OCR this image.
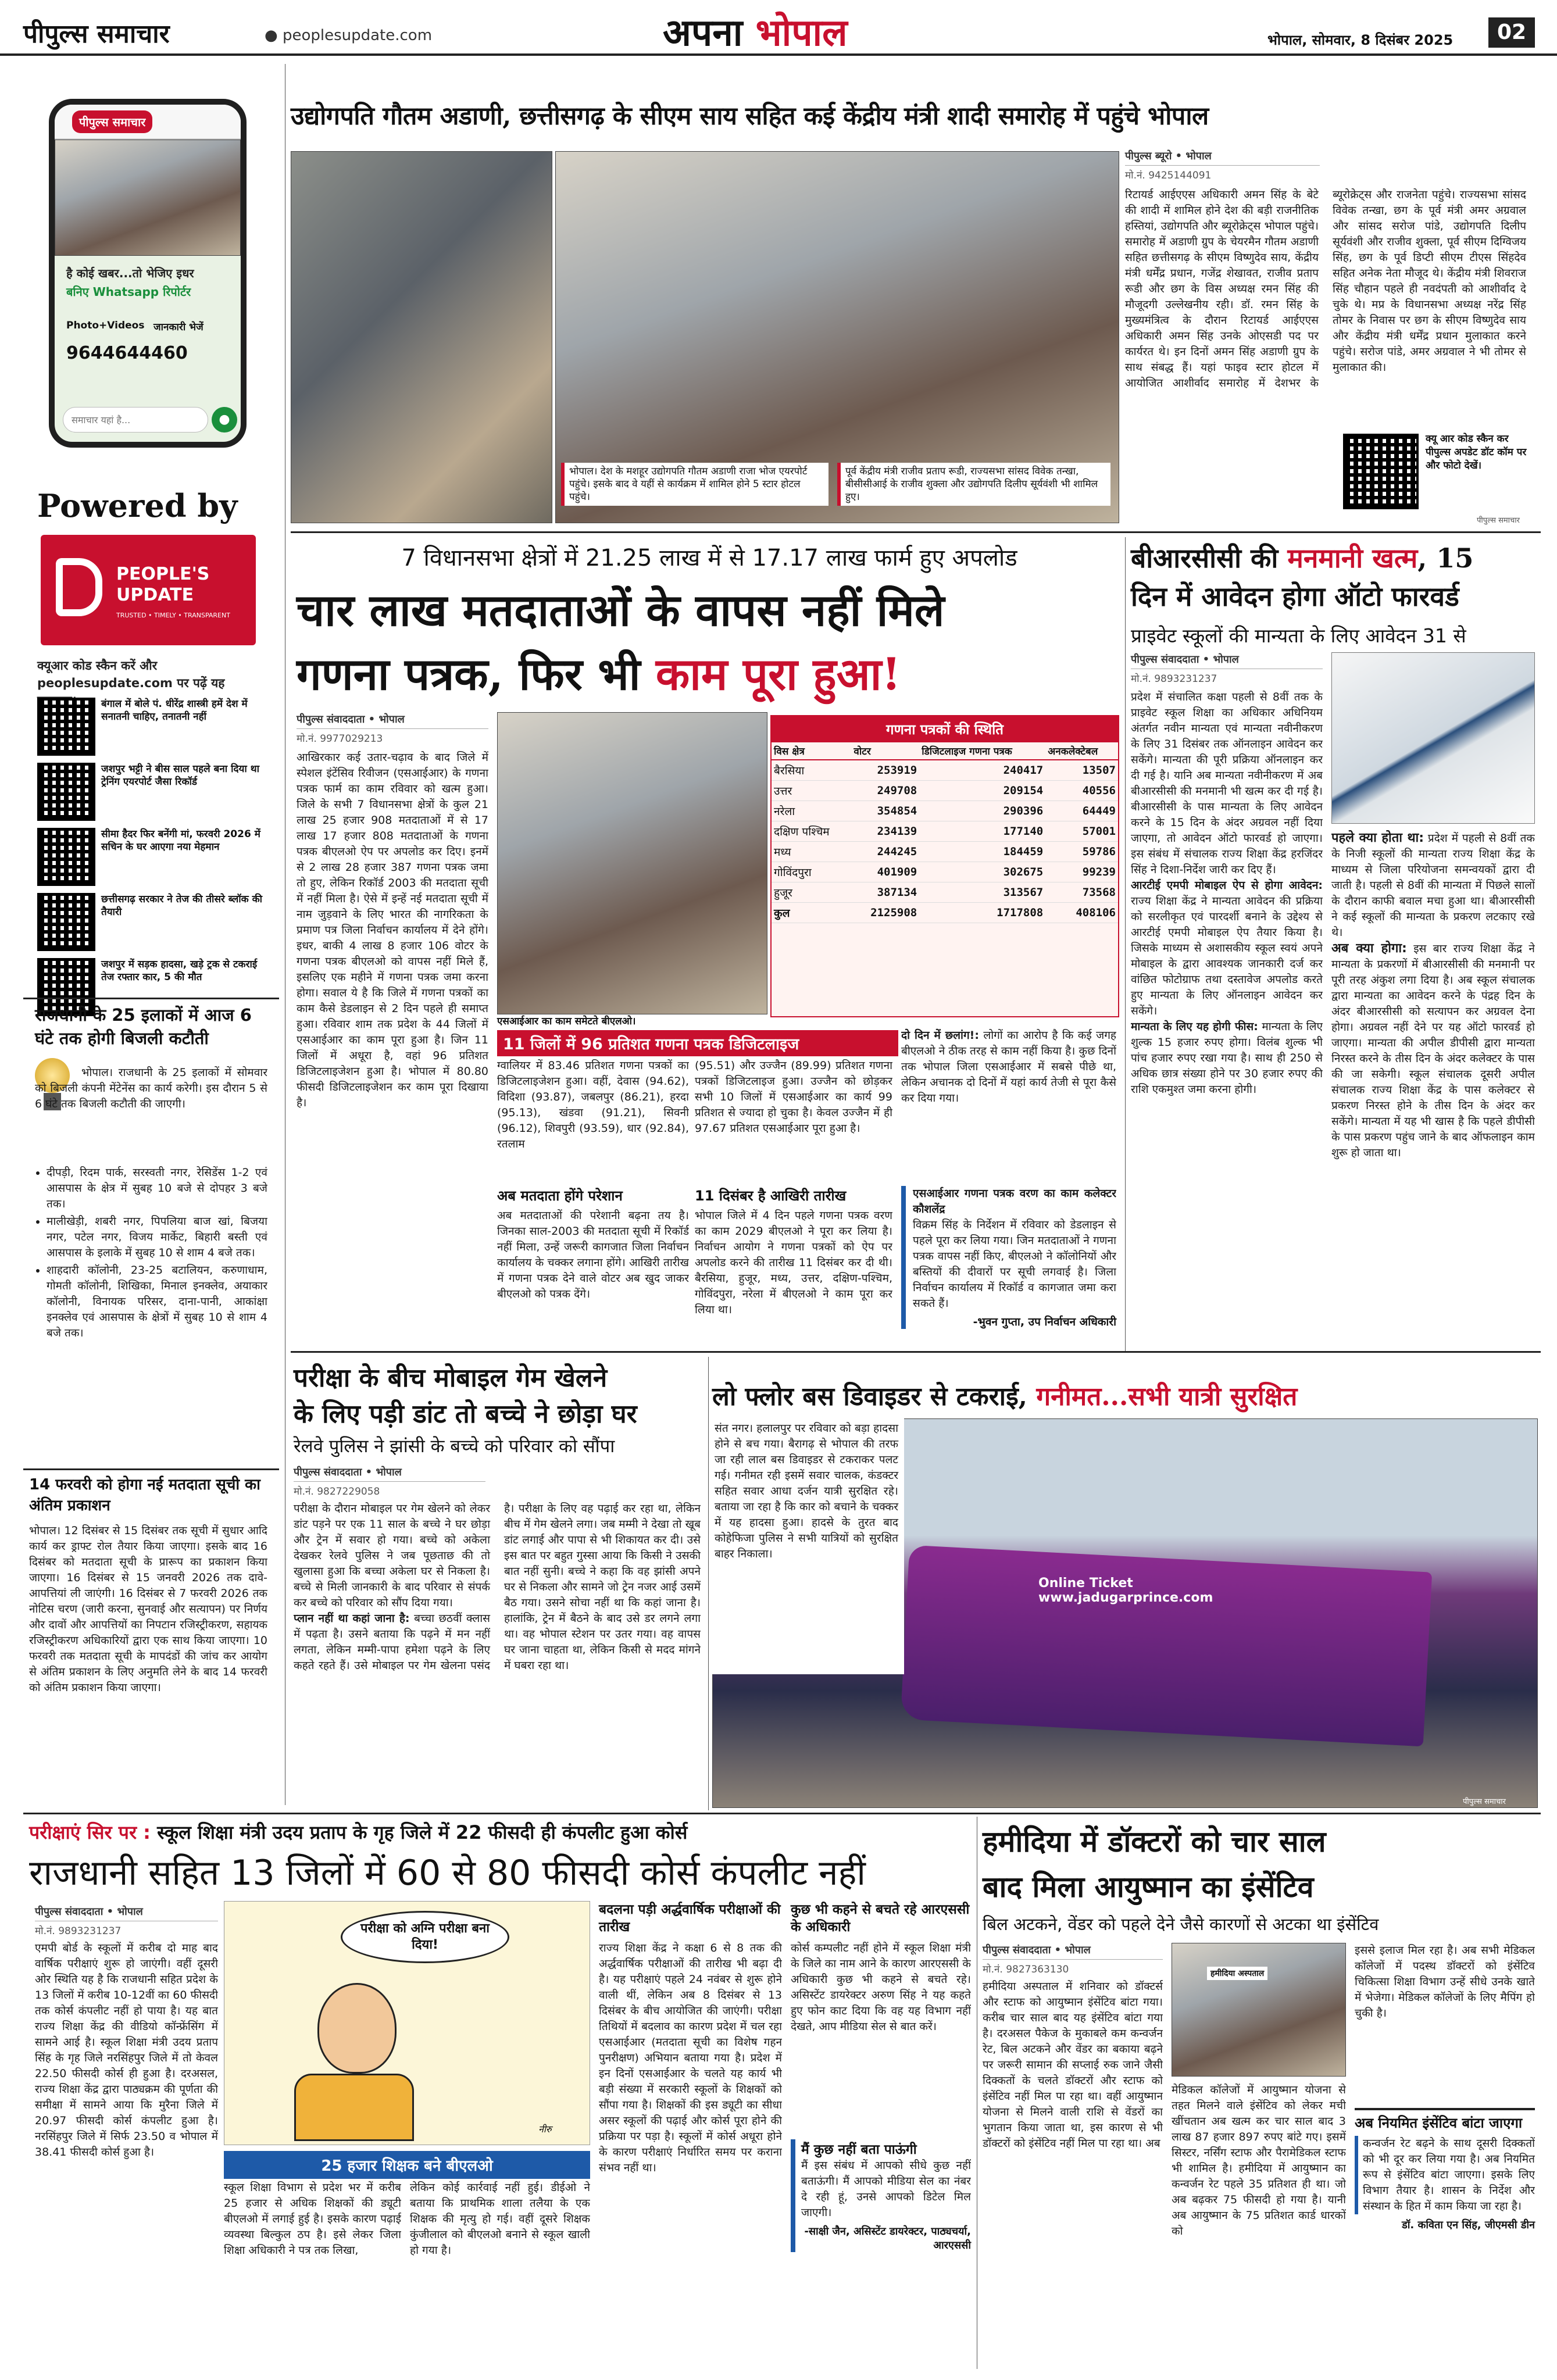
पीपुल्स समाचार	● peoplesupdate.com	अपना भोपाल	भोपाल, सोमवार, 8 दिसंबर 2025	02
पीपुल्स समाचार
है कोई खबर...तो भेजिए इधर
बनिए Whatsapp रिपोर्टर
Photo+Videos जानकारी भेजें
9644644460
समाचार यहां है...	●
Powered by
PEOPLE'S UPDATE
TRUSTED • TIMELY • TRANSPARENT
क्यूआर कोड स्कैन करें और peoplesupdate.com पर पढ़ें यह
बंगाल में बोले पं. धीरेंद्र शास्त्री हमें देश में सनातनी चाहिए, तनातनी नहीं
जशपुर भट्टी ने बीस साल पहले बना दिया था ट्रेनिंग एयरपोर्ट जैसा रिकॉर्ड
सीमा हैदर फिर बनेंगी मां, फरवरी 2026 में सचिन के घर आएगा नया मेहमान
छत्तीसगढ़ सरकार ने तेज की तीसरे ब्लॉक की तैयारी
जशपुर में सड़क हादसा, खड़े ट्रक से टकराई तेज रफ्तार कार, 5 की मौत
राजधानी के 25 इलाकों में आज 6 घंटे तक होगी बिजली कटौती
भोपाल। राजधानी के 25 इलाकों में सोमवार को बिजली कंपनी मेंटेनेंस का कार्य करेगी। इस दौरान 5 से 6 घंटे तक बिजली कटौती की जाएगी।
• दीपड़ी, रिदम पार्क, सरस्वती नगर, रेसिडेंस 1-2 एवं आसपास के क्षेत्र में सुबह 10 बजे से दोपहर 3 बजे तक।
• मालीखेड़ी, शबरी नगर, पिपलिया बाज खां, बिजया नगर, पटेल नगर, विजय मार्केट, बिहारी बस्ती एवं आसपास के इलाके में सुबह 10 से शाम 4 बजे तक।
• शाहदारी कॉलोनी, 23-25 बटालियन, करुणाधाम, गोमती कॉलोनी, शिखिका, मिनाल इनक्लेव, अयाकार कॉलोनी, विनायक परिसर, दाना-पानी, आकांक्षा इनक्लेव एवं आसपास के क्षेत्रों में सुबह 10 से शाम 4 बजे तक।
14 फरवरी को होगा नई मतदाता सूची का अंतिम प्रकाशन
भोपाल। 12 दिसंबर से 15 दिसंबर तक सूची में सुधार आदि कार्य कर ड्राफ्ट रोल तैयार किया जाएगा। इसके बाद 16 दिसंबर को मतदाता सूची के प्रारूप का प्रकाशन किया जाएगा। 16 दिसंबर से 15 जनवरी 2026 तक दावे-आपत्तियां ली जाएंगी। 16 दिसंबर से 7 फरवरी 2026 तक नोटिस चरण (जारी करना, सुनवाई और सत्यापन) पर निर्णय और दावों और आपत्तियों का निपटान रजिस्ट्रीकरण, सहायक रजिस्ट्रीकरण अधिकारियों द्वारा एक साथ किया जाएगा। 10 फरवरी तक मतदाता सूची के मापदंडों की जांच कर आयोग से अंतिम प्रकाशन के लिए अनुमति लेने के बाद 14 फरवरी को अंतिम प्रकाशन किया जाएगा।
उद्योगपति गौतम अडाणी, छत्तीसगढ़ के सीएम साय सहित कई केंद्रीय मंत्री शादी समारोह में पहुंचे भोपाल
भोपाल। देश के मशहूर उद्योगपति गौतम अडाणी राजा भोज एयरपोर्ट पहुंचे। इसके बाद वे यहीं से कार्यक्रम में शामिल होने 5 स्टार होटल पहुंचे।
पूर्व केंद्रीय मंत्री राजीव प्रताप रूडी, राज्यसभा सांसद विवेक तन्खा, बीसीसीआई के राजीव शुक्ला और उद्योगपति दिलीप सूर्यवंशी भी शामिल हुए।
पीपुल्स ब्यूरो • भोपाल
मो.नं. 9425144091
रिटायर्ड आईएएस अधिकारी अमन सिंह के बेटे की शादी में शामिल होने देश की बड़ी राजनीतिक हस्तियां, उद्योगपति और ब्यूरोक्रेट्स भोपाल पहुंचे। समारोह में अडाणी ग्रुप के चेयरमैन गौतम अडाणी सहित छत्तीसगढ़ के सीएम विष्णुदेव साय, केंद्रीय मंत्री धर्मेंद्र प्रधान, गजेंद्र शेखावत, राजीव प्रताप रूडी और छग के विस अध्यक्ष रमन सिंह की मौजूदगी उल्लेखनीय रही। डॉ. रमन सिंह के मुख्यमंत्रित्व के दौरान रिटायर्ड आईएएस अधिकारी अमन सिंह उनके ओएसडी पद पर कार्यरत थे। इन दिनों अमन सिंह अडाणी ग्रुप के साथ संबद्ध हैं। यहां फाइव स्टार होटल में आयोजित आशीर्वाद समारोह में देशभर के ब्यूरोक्रेट्स और राजनेता पहुंचे। राज्यसभा सांसद विवेक तन्खा, छग के पूर्व मंत्री अमर अग्रवाल और सांसद सरोज पांडे, उद्योगपति दिलीप सूर्यवंशी और राजीव शुक्ला, पूर्व सीएम दिग्विजय सिंह, छग के पूर्व डिप्टी सीएम टीएस सिंहदेव सहित अनेक नेता मौजूद थे। केंद्रीय मंत्री शिवराज सिंह चौहान पहले ही नवदंपती को आशीर्वाद दे चुके थे। मप्र के विधानसभा अध्यक्ष नरेंद्र सिंह तोमर के निवास पर छग के सीएम विष्णुदेव साय और केंद्रीय मंत्री धर्मेंद्र प्रधान मुलाकात करने पहुंचे। सरोज पांडे, अमर अग्रवाल ने भी तोमर से मुलाकात की।
क्यू आर कोड स्कैन कर पीपुल्स अपडेट डॉट कॉम पर और फोटो देखें।
पीपुल्स समाचार
7 विधानसभा क्षेत्रों में 21.25 लाख में से 17.17 लाख फार्म हुए अपलोड
चार लाख मतदाताओं के वापस नहीं मिले
गणना पत्रक, फिर भी काम पूरा हुआ!
पीपुल्स संवाददाता • भोपाल
मो.नं. 9977029213
आखिरकार कई उतार-चढ़ाव के बाद जिले में स्पेशल इंटेंसिव रिवीजन (एसआईआर) के गणना पत्रक फार्म का काम रविवार को खत्म हुआ। जिले के सभी 7 विधानसभा क्षेत्रों के कुल 21 लाख 25 हजार 908 मतदाताओं में से 17 लाख 17 हजार 808 मतदाताओं के गणना पत्रक बीएलओ ऐप पर अपलोड कर दिए। इनमें से 2 लाख 28 हजार 387 गणना पत्रक जमा तो हुए, लेकिन रिकॉर्ड 2003 की मतदाता सूची में नहीं मिला है। ऐसे में इन्हें नई मतदाता सूची में नाम जुड़वाने के लिए भारत की नागरिकता के प्रमाण पत्र जिला निर्वाचन कार्यालय में देने होंगे। इधर, बाकी 4 लाख 8 हजार 106 वोटर के गणना पत्रक बीएलओ को वापस नहीं मिले हैं, इसलिए एक महीने में गणना पत्रक जमा करना होगा। सवाल ये है कि जिले में गणना पत्रकों का काम कैसे डेडलाइन से 2 दिन पहले ही समाप्त हुआ। रविवार शाम तक प्रदेश के 44 जिलों में एसआईआर का काम पूरा हुआ है। जिन 11 जिलों में अधूरा है, वहां 96 प्रतिशत डिजिटलाइजेशन हुआ है। भोपाल में 80.80 फीसदी डिजिटलाइजेशन कर काम पूरा दिखाया है।
एसआईआर का काम समेटते बीएलओ।
गणना पत्रकों की स्थिति
विस क्षेत्र	वोटर	डिजिटलाइज गणना पत्रक	अनकलेक्टेबल
बैरसिया	253919	240417	13507
उत्तर	249708	209154	40556
नरेला	354854	290396	64449
दक्षिण पश्चिम	234139	177140	57001
मध्य	244245	184459	59786
गोविंदपुरा	401909	302675	99239
हुजूर	387134	313567	73568
कुल	2125908	1717808	408106
11 जिलों में 96 प्रतिशत गणना पत्रक डिजिटलाइज
ग्वालियर में 83.46 प्रतिशत गणना पत्रकों का डिजिटलाइजेशन हुआ। वहीं, देवास (94.62), विदिशा (93.87), जबलपुर (86.21), हरदा (95.13), खंडवा (91.21), सिवनी (96.12), शिवपुरी (93.59), धार (92.84), रतलाम
(95.51) और उज्जैन (89.99) प्रतिशत गणना पत्रकों डिजिटलाइज हुआ। उज्जैन को छोड़कर सभी 10 जिलों में एसआईआर का कार्य 99 प्रतिशत से ज्यादा हो चुका है। केवल उज्जैन में ही 97.67 प्रतिशत एसआईआर पूरा हुआ है।
अब मतदाता होंगे परेशान
अब मतदाताओं की परेशानी बढ़ना तय है। जिनका साल-2003 की मतदाता सूची में रिकॉर्ड नहीं मिला, उन्हें जरूरी कागजात जिला निर्वाचन कार्यालय के चक्कर लगाना होंगे। आखिरी तारीख में गणना पत्रक देने वाले वोटर अब खुद जाकर बीएलओ को पत्रक देंगे।
11 दिसंबर है आखिरी तारीख
भोपाल जिले में 4 दिन पहले गणना पत्रक वरण का काम 2029 बीएलओ ने पूरा कर लिया है। निर्वाचन आयोग ने गणना पत्रकों को ऐप पर अपलोड करने की तारीख 11 दिसंबर कर दी थी। बैरसिया, हुजूर, मध्य, उत्तर, दक्षिण-पश्चिम, गोविंदपुरा, नरेला में बीएलओ ने काम पूरा कर लिया था।
दो दिन में छलांग!: लोगों का आरोप है कि कई जगह बीएलओ ने ठीक तरह से काम नहीं किया है। कुछ दिनों तक भोपाल जिला एसआईआर में सबसे पीछे था, लेकिन अचानक दो दिनों में यहां कार्य तेजी से पूरा कैसे कर दिया गया।
एसआईआर गणना पत्रक वरण का काम कलेक्टर कौशलेंद्र
विक्रम सिंह के निर्देशन में रविवार को डेडलाइन से पहले पूरा कर लिया गया। जिन मतदाताओं ने गणना पत्रक वापस नहीं किए, बीएलओ ने कॉलोनियों और बस्तियों की दीवारों पर सूची लगवाई है। जिला निर्वाचन कार्यालय में रिकॉर्ड व कागजात जमा करा सकते हैं।
-भुवन गुप्ता, उप निर्वाचन अधिकारी
बीआरसीसी की मनमानी खत्म, 15
दिन में आवेदन होगा ऑटो फारवर्ड
प्राइवेट स्कूलों की मान्यता के लिए आवेदन 31 से
पीपुल्स संवाददाता • भोपाल
मो.नं. 9893231237
प्रदेश में संचालित कक्षा पहली से 8वीं तक के प्राइवेट स्कूल शिक्षा का अधिकार अधिनियम अंतर्गत नवीन मान्यता एवं मान्यता नवीनीकरण के लिए 31 दिसंबर तक ऑनलाइन आवेदन कर सकेंगे। मान्यता की पूरी प्रक्रिया ऑनलाइन कर दी गई है। यानि अब मान्यता नवीनीकरण में अब बीआरसीसी की मनमानी भी खत्म कर दी गई है। बीआरसीसी के पास मान्यता के लिए आवेदन करने के 15 दिन के अंदर अग्रवल नहीं दिया जाएगा, तो आवेदन ऑटो फारवर्ड हो जाएगा। इस संबंध में संचालक राज्य शिक्षा केंद्र हरजिंदर सिंह ने दिशा-निर्देश जारी कर दिए हैं।
आरटीई एमपी मोबाइल ऐप से होगा आवेदन: राज्य शिक्षा केंद्र ने मान्यता आवेदन की प्रक्रिया को सरलीकृत एवं पारदर्शी बनाने के उद्देश्य से आरटीई एमपी मोबाइल ऐप तैयार किया है। जिसके माध्यम से अशासकीय स्कूल स्वयं अपने मोबाइल के द्वारा आवश्यक जानकारी दर्ज कर वांछित फोटोग्राफ तथा दस्तावेज अपलोड करते हुए मान्यता के लिए ऑनलाइन आवेदन कर सकेंगे।
मान्यता के लिए यह होगी फीस: मान्यता के लिए शुल्क 15 हजार रुपए होगा। विलंब शुल्क भी पांच हजार रुपए रखा गया है। साथ ही 250 से अधिक छात्र संख्या होने पर 30 हजार रुपए की राशि एकमुश्त जमा करना होगी।
पहले क्या होता था: प्रदेश में पहली से 8वीं तक के निजी स्कूलों की मान्यता राज्य शिक्षा केंद्र के माध्यम से जिला परियोजना समन्वयकों द्वारा दी जाती है। पहली से 8वीं की मान्यता में पिछले सालों के दौरान काफी बवाल मचा हुआ था। बीआरसीसी ने कई स्कूलों की मान्यता के प्रकरण लटकाए रखे थे।
अब क्या होगा: इस बार राज्य शिक्षा केंद्र ने मान्यता के प्रकरणों में बीआरसीसी की मनमानी पर पूरी तरह अंकुश लगा दिया है। अब स्कूल संचालक द्वारा मान्यता का आवेदन करने के पंद्रह दिन के अंदर बीआरसीसी को सत्यापन कर अग्रवल देना होगा। अग्रवल नहीं देने पर यह ऑटो फारवर्ड हो जाएगा। मान्यता की अपील डीपीसी द्वारा मान्यता निरस्त करने के तीस दिन के अंदर कलेक्टर के पास की जा सकेगी। स्कूल संचालक दूसरी अपील संचालक राज्य शिक्षा केंद्र के पास कलेक्टर से प्रकरण निरस्त होने के तीस दिन के अंदर कर सकेंगे। मान्यता में यह भी खास है कि पहले डीपीसी के पास प्रकरण पहुंच जाने के बाद ऑफलाइन काम शुरू हो जाता था।
परीक्षा के बीच मोबाइल गेम खेलने
के लिए पड़ी डांट तो बच्चे ने छोड़ा घर
रेलवे पुलिस ने झांसी के बच्चे को परिवार को सौंपा
पीपुल्स संवाददाता • भोपाल
मो.नं. 9827229058
परीक्षा के दौरान मोबाइल पर गेम खेलने को लेकर डांट पड़ने पर एक 11 साल के बच्चे ने घर छोड़ा और ट्रेन में सवार हो गया। बच्चे को अकेला देखकर रेलवे पुलिस ने जब पूछताछ की तो खुलासा हुआ कि बच्चा अकेला घर से निकला है। बच्चे से मिली जानकारी के बाद परिवार से संपर्क कर बच्चे को परिवार को सौंप दिया गया।
प्लान नहीं था कहां जाना है: बच्चा छठवीं क्लास में पढ़ता है। उसने बताया कि पढ़ने में मन नहीं लगता, लेकिन मम्मी-पापा हमेशा पढ़ने के लिए कहते रहते हैं। उसे मोबाइल पर गेम खेलना पसंद है। परीक्षा के लिए वह पढ़ाई कर रहा था, लेकिन बीच में गेम खेलने लगा। जब मम्मी ने देखा तो खूब डांट लगाई और पापा से भी शिकायत कर दी। उसे इस बात पर बहुत गुस्सा आया कि किसी ने उसकी बात नहीं सुनी। बच्चे ने कहा कि वह झांसी अपने घर से निकला और सामने जो ट्रेन नजर आई उसमें बैठ गया। उसने सोचा नहीं था कि कहां जाना है। हालांकि, ट्रेन में बैठने के बाद उसे डर लगने लगा था। वह भोपाल स्टेशन पर उतर गया। वह वापस घर जाना चाहता था, लेकिन किसी से मदद मांगने में घबरा रहा था।
लो फ्लोर बस डिवाइडर से टकराई, गनीमत...सभी यात्री सुरक्षित
Online Ticket www.jadugarprince.com
पीपुल्स समाचार
संत नगर। हलालपुर पर रविवार को बड़ा हादसा होने से बच गया। बैरागढ़ से भोपाल की तरफ जा रही लाल बस डिवाइडर से टकराकर पलट गई। गनीमत रही इसमें सवार चालक, कंडक्टर सहित सवार आधा दर्जन यात्री सुरक्षित रहे। बताया जा रहा है कि कार को बचाने के चक्कर में यह हादसा हुआ। हादसे के तुरत बाद कोहेफिजा पुलिस ने सभी यात्रियों को सुरक्षित बाहर निकाला।
परीक्षाएं सिर पर : स्कूल शिक्षा मंत्री उदय प्रताप के गृह जिले में 22 फीसदी ही कंपलीट हुआ कोर्स
राजधानी सहित 13 जिलों में 60 से 80 फीसदी कोर्स कंपलीट नहीं
पीपुल्स संवाददाता • भोपाल
मो.नं. 9893231237
एमपी बोर्ड के स्कूलों में करीब दो माह बाद वार्षिक परीक्षाएं शुरू हो जाएंगी। वहीं दूसरी ओर स्थिति यह है कि राजधानी सहित प्रदेश के 13 जिलों में करीब 10-12वीं का 60 फीसदी तक कोर्स कंपलीट नहीं हो पाया है। यह बात राज्य शिक्षा केंद्र की वीडियो कॉन्फ्रेंसिंग में सामने आई है। स्कूल शिक्षा मंत्री उदय प्रताप सिंह के गृह जिले नरसिंहपुर जिले में तो केवल 22.50 फीसदी कोर्स ही हुआ है। दरअसल, राज्य शिक्षा केंद्र द्वारा पाठ्यक्रम की पूर्णता की समीक्षा में सामने आया कि मुरैना जिले में 20.97 फीसदी कोर्स कंपलीट हुआ है। नरसिंहपुर जिले में सिर्फ 23.50 व भोपाल में 38.41 फीसदी कोर्स हुआ है।
परीक्षा को अग्नि परीक्षा बना दिया!
नीरु
25 हजार शिक्षक बने बीएलओ
स्कूल शिक्षा विभाग से प्रदेश भर में करीब 25 हजार से अधिक शिक्षकों की ड्यूटी बीएलओ में लगाई हुई है। इसके कारण पढ़ाई व्यवस्था बिल्कुल ठप है। इसे लेकर जिला शिक्षा अधिकारी ने पत्र तक लिखा,
लेकिन कोई कार्रवाई नहीं हुई। डीईओ ने बताया कि प्राथमिक शाला तलैया के एक शिक्षक की मृत्यु हो गई। वहीं दूसरे शिक्षक कुंजीलाल को बीएलओ बनाने से स्कूल खाली हो गया है।
बदलना पड़ी अर्द्धवार्षिक परीक्षाओं की तारीख
राज्य शिक्षा केंद्र ने कक्षा 6 से 8 तक की अर्द्धवार्षिक परीक्षाओं की तारीख भी बढ़ा दी है। यह परीक्षाएं पहले 24 नवंबर से शुरू होने वाली थीं, लेकिन अब 8 दिसंबर से 13 दिसंबर के बीच आयोजित की जाएंगी। परीक्षा तिथियों में बदलाव का कारण प्रदेश में चल रहा एसआईआर (मतदाता सूची का विशेष गहन पुनरीक्षण) अभियान बताया गया है। प्रदेश में इन दिनों एसआईआर के चलते यह कार्य भी बड़ी संख्या में सरकारी स्कूलों के शिक्षकों को सौंपा गया है। शिक्षकों की इस ड्यूटी का सीधा असर स्कूलों की पढ़ाई और कोर्स पूरा होने की प्रक्रिया पर पड़ा है। स्कूलों में कोर्स अधूरा होने के कारण परीक्षाएं निर्धारित समय पर कराना संभव नहीं था।
कुछ भी कहने से बचते रहे आरएससी के अधिकारी
कोर्स कम्पलीट नहीं होने में स्कूल शिक्षा मंत्री के जिले का नाम आने के कारण आरएससी के अधिकारी कुछ भी कहने से बचते रहे। असिस्टेंट डायरेक्टर अरुण सिंह ने यह कहते हुए फोन काट दिया कि वह यह विभाग नहीं देखते, आप मीडिया सेल से बात करें।
मैं कुछ नहीं बता पाऊंगी
मैं इस संबंध में आपको सीधे कुछ नहीं बताऊंगी। मैं आपको मीडिया सेल का नंबर दे रही हूं, उनसे आपको डिटेल मिल जाएगी।
-साक्षी जैन, असिस्टेंट डायरेक्टर, पाठ्यचर्या, आरएससी
हमीदिया में डॉक्टरों को चार साल
बाद मिला आयुष्मान का इंसेंटिव
बिल अटकने, वेंडर को पहले देने जैसे कारणों से अटका था इंसेंटिव
पीपुल्स संवाददाता • भोपाल
मो.नं. 9827363130
हमीदिया अस्पताल में शनिवार को डॉक्टर्स और स्टाफ को आयुष्मान इंसेंटिव बांटा गया। करीब चार साल बाद यह इंसेंटिव बांटा गया है। दरअसल पैकेज के मुकाबले कम कन्वर्जन रेट, बिल अटकने और वेंडर का बकाया बढ़ने पर जरूरी सामान की सप्लाई रुक जाने जैसी दिक्कतों के चलते डॉक्टरों और स्टाफ को इंसेंटिव नहीं मिल पा रहा था। वहीं आयुष्मान योजना से मिलने वाली राशि से वेंडरों का भुगतान किया जाता था, इस कारण से भी डॉक्टरों को इंसेंटिव नहीं मिल पा रहा था। अब
हमीदिया अस्पताल
मेडिकल कॉलेजों में आयुष्मान योजना से तहत मिलने वाले इंसेंटिव को लेकर मची खींचतान अब खत्म कर चार साल बाद 3 लाख 87 हजार 897 रुपए बांटे गए। इसमें सिस्टर, नर्सिंग स्टाफ और पैरामेडिकल स्टाफ भी शामिल है। हमीदिया में आयुष्मान का कन्वर्जन रेट पहले 35 प्रतिशत ही था। जो अब बढ़कर 75 फीसदी हो गया है। यानी अब आयुष्मान के 75 प्रतिशत कार्ड धारकों को
इससे इलाज मिल रहा है। अब सभी मेडिकल कॉलेजों में पदस्थ डॉक्टरों को इंसेंटिव चिकित्सा शिक्षा विभाग उन्हें सीधे उनके खाते में भेजेगा। मेडिकल कॉलेजों के लिए मैपिंग हो चुकी है।
अब नियमित इंसेंटिव बांटा जाएगा
कन्वर्जन रेट बढ़ने के साथ दूसरी दिक्कतों को भी दूर कर लिया गया है। अब नियमित रूप से इंसेंटिव बांटा जाएगा। इसके लिए विभाग तैयार है। शासन के निर्देश और संस्थान के हित में काम किया जा रहा है।
डॉ. कविता एन सिंह, जीएमसी डीन
